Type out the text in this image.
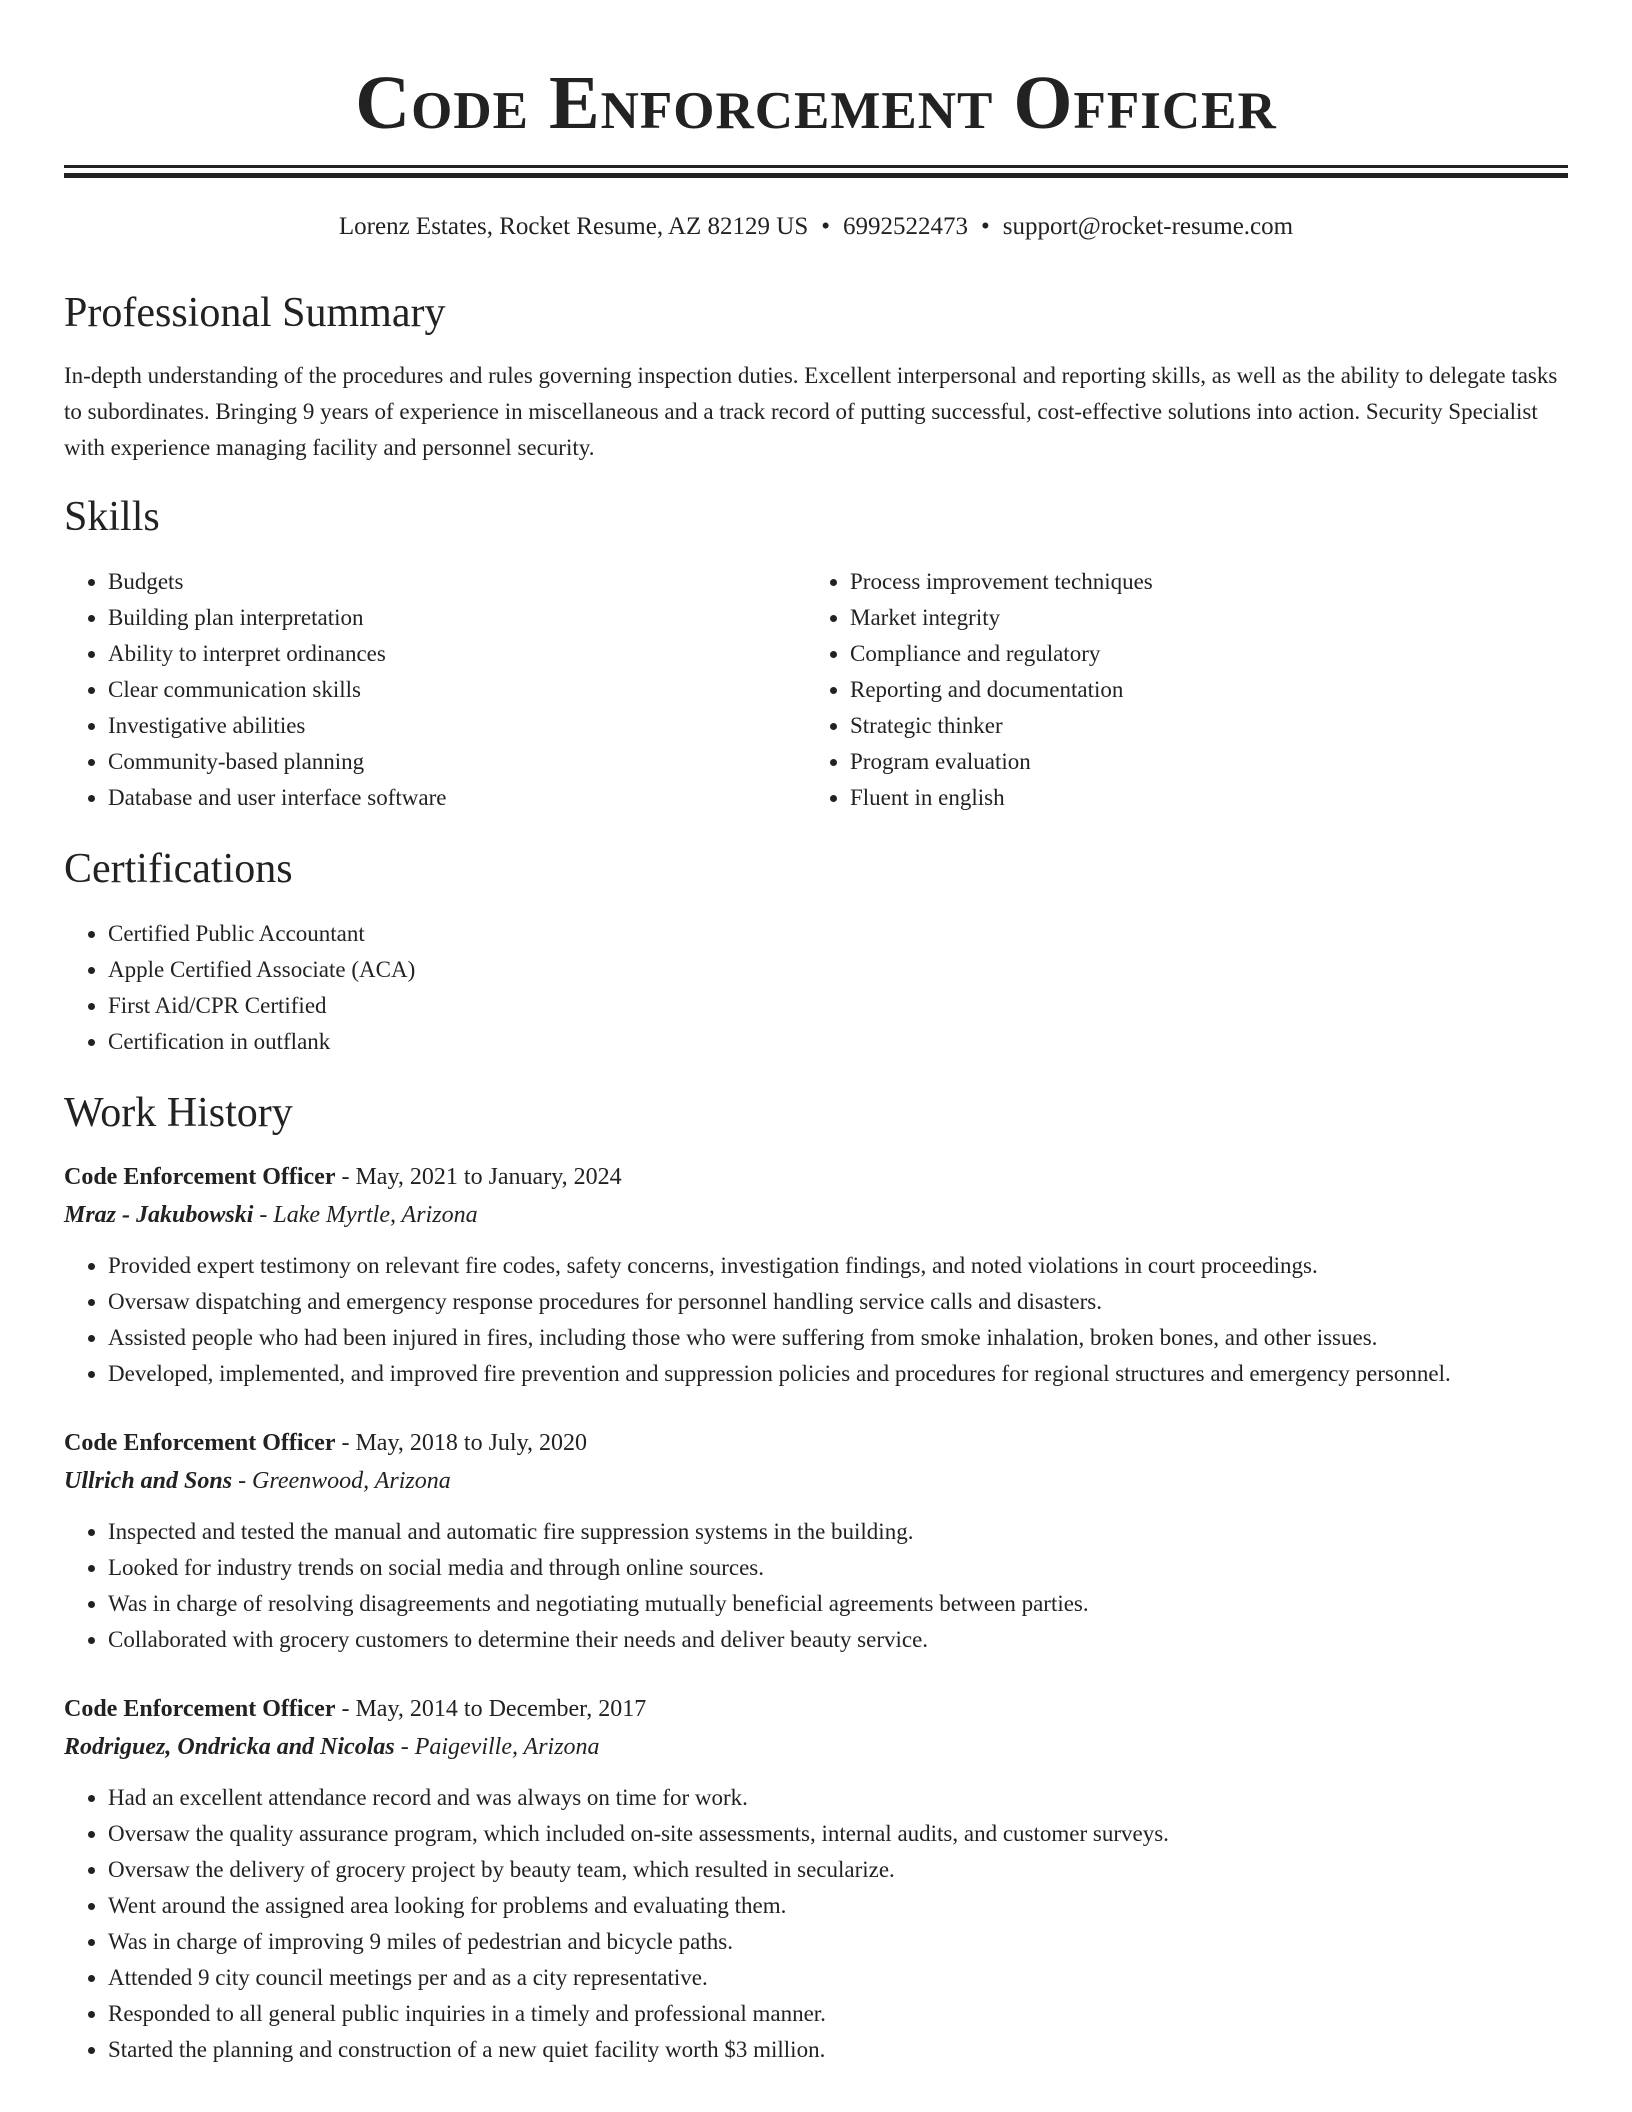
Code Enforcement Officer
Lorenz Estates, Rocket Resume, AZ 82129 US • 6992522473 • support@rocket-resume.com
Professional Summary

In-depth understanding of the procedures and rules governing inspection duties. Excellent interpersonal and reporting skills, as well as the ability to delegate tasks to subordinates. Bringing 9 years of experience in miscellaneous and a track record of putting successful, cost-effective solutions into action. Security Specialist with experience managing facility and personnel security.

Skills
• Budgets
• Building plan interpretation
• Ability to interpret ordinances
• Clear communication skills
• Investigative abilities
• Community-based planning
• Database and user interface software
• Process improvement techniques
• Market integrity
• Compliance and regulatory
• Reporting and documentation
• Strategic thinker
• Program evaluation
• Fluent in english
Certifications
• Certified Public Accountant
• Apple Certified Associate (ACA)
• First Aid/CPR Certified
• Certification in outflank
Work History
Code Enforcement Officer - May, 2021 to January, 2024
Mraz - Jakubowski - Lake Myrtle, Arizona
• Provided expert testimony on relevant fire codes, safety concerns, investigation findings, and noted violations in court proceedings.
• Oversaw dispatching and emergency response procedures for personnel handling service calls and disasters.
• Assisted people who had been injured in fires, including those who were suffering from smoke inhalation, broken bones, and other issues.
• Developed, implemented, and improved fire prevention and suppression policies and procedures for regional structures and emergency personnel.
Code Enforcement Officer - May, 2018 to July, 2020
Ullrich and Sons - Greenwood, Arizona
• Inspected and tested the manual and automatic fire suppression systems in the building.
• Looked for industry trends on social media and through online sources.
• Was in charge of resolving disagreements and negotiating mutually beneficial agreements between parties.
• Collaborated with grocery customers to determine their needs and deliver beauty service.
Code Enforcement Officer - May, 2014 to December, 2017
Rodriguez, Ondricka and Nicolas - Paigeville, Arizona
• Had an excellent attendance record and was always on time for work.
• Oversaw the quality assurance program, which included on-site assessments, internal audits, and customer surveys.
• Oversaw the delivery of grocery project by beauty team, which resulted in secularize.
• Went around the assigned area looking for problems and evaluating them.
• Was in charge of improving 9 miles of pedestrian and bicycle paths.
• Attended 9 city council meetings per and as a city representative.
• Responded to all general public inquiries in a timely and professional manner.
• Started the planning and construction of a new quiet facility worth $3 million.
